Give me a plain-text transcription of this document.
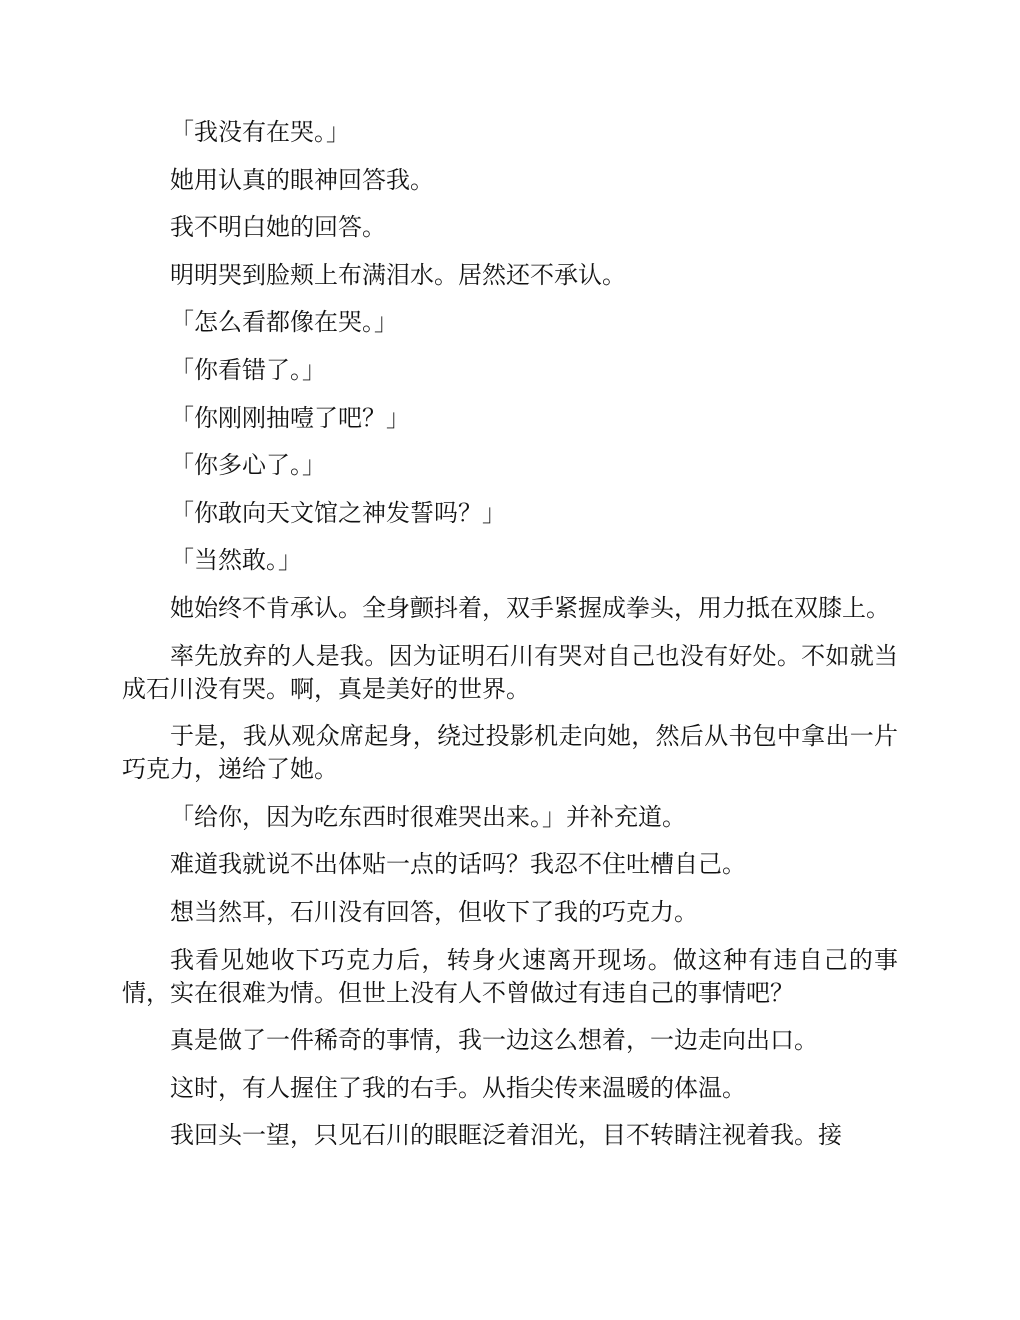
「我没有在哭。」

她用认真的眼神回答我。

我不明白她的回答。

明明哭到脸颊上布满泪水。居然还不承认。

「怎么看都像在哭。」

「你看错了。」

「你刚刚抽噎了吧？」

「你多心了。」

「你敢向天文馆之神发誓吗？」

「当然敢。」

她始终不肯承认。全身颤抖着，双手紧握成拳头，用力抵在双膝上。

率先放弃的人是我。因为证明石川有哭对自己也没有好处。不如就当成石川没有哭。啊，真是美好的世界。

于是，我从观众席起身，绕过投影机走向她，然后从书包中拿出一片巧克力，递给了她。

「给你，因为吃东西时很难哭出来。」并补充道。

难道我就说不出体贴一点的话吗？我忍不住吐槽自己。

想当然耳，石川没有回答，但收下了我的巧克力。

我看见她收下巧克力后，转身火速离开现场。做这种有违自己的事情，实在很难为情。但世上没有人不曾做过有违自己的事情吧？

真是做了一件稀奇的事情，我一边这么想着，一边走向出口。

这时，有人握住了我的右手。从指尖传来温暖的体温。

我回头一望，只见石川的眼眶泛着泪光，目不转睛注视着我。接
